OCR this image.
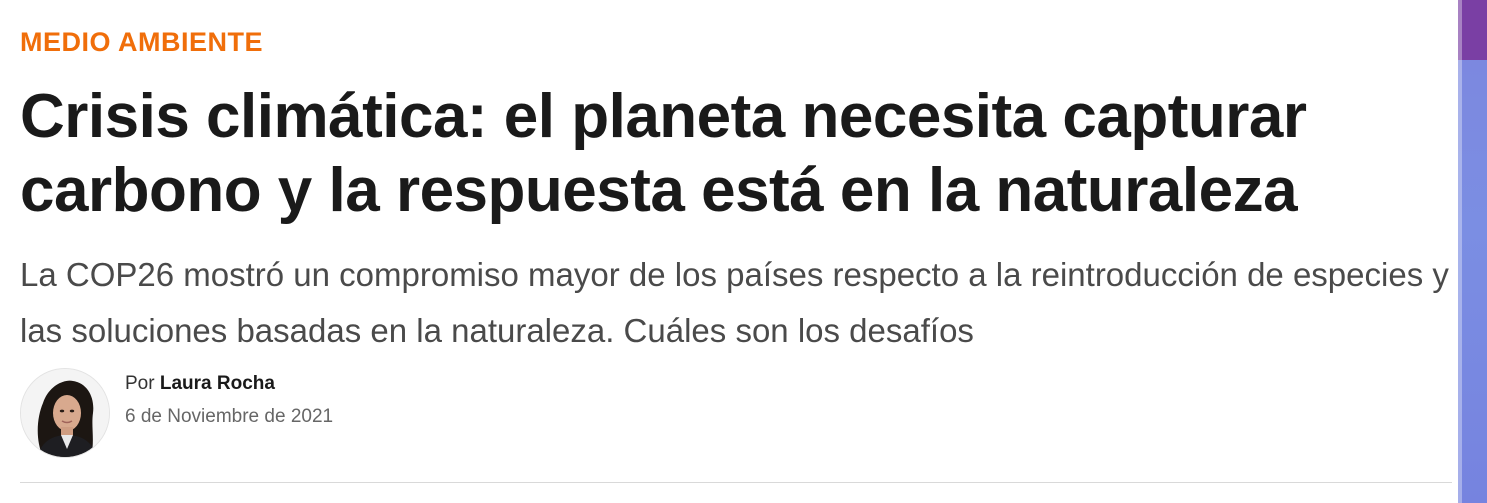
MEDIO AMBIENTE
Crisis climática: el planeta necesita capturar carbono y la respuesta está en la naturaleza

La COP26 mostró un compromiso mayor de los países respecto a la reintroducción de especies y las soluciones basadas en la naturaleza. Cuáles son los desafíos

Por Laura Rocha
6 de Noviembre de 2021
